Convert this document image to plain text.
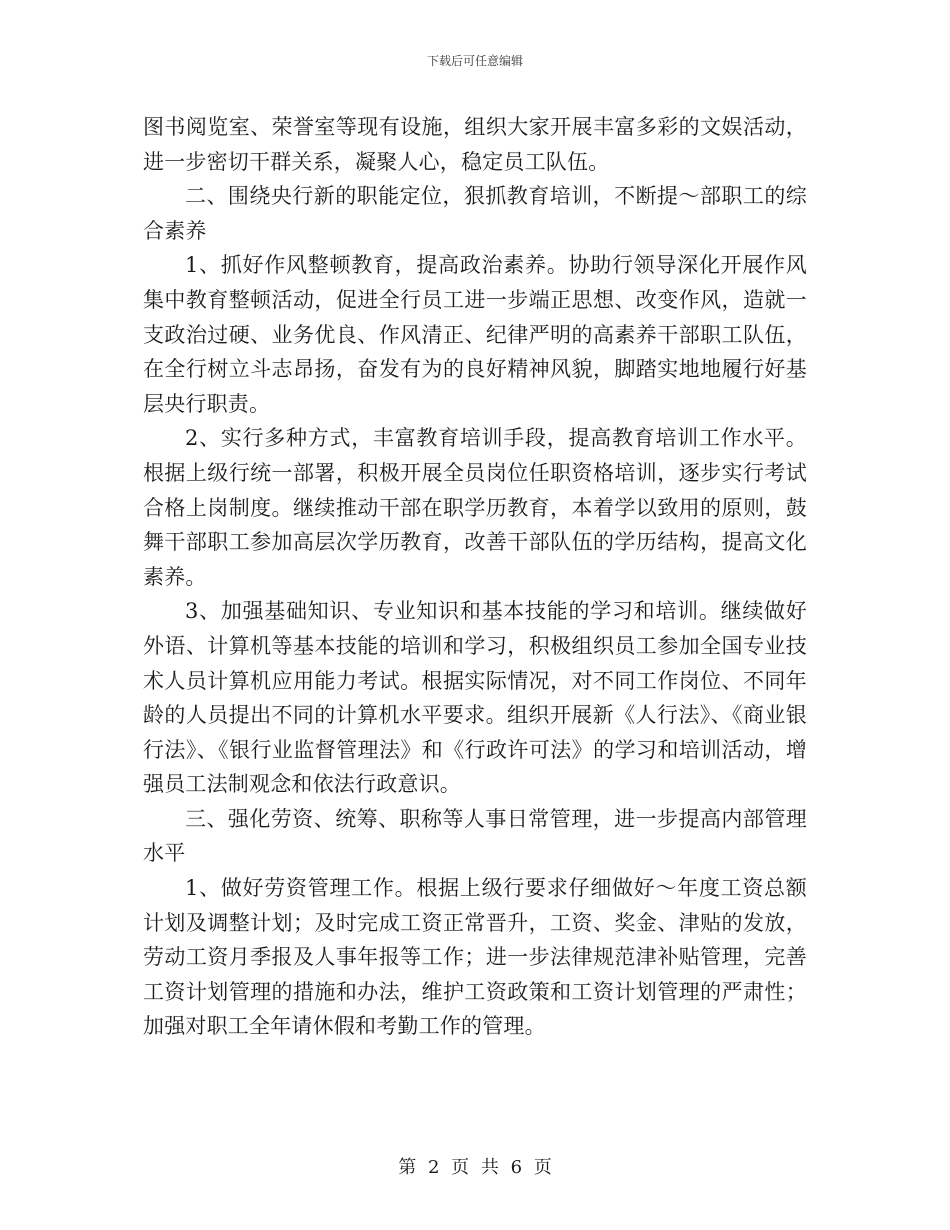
下载后可任意编辑

图书阅览室、荣誉室等现有设施，组织大家开展丰富多彩的文娱活动，进一步密切干群关系，凝聚人心，稳定员工队伍。

二、围绕央行新的职能定位，狠抓教育培训，不断提～部职工的综合素养

1、抓好作风整顿教育，提高政治素养。协助行领导深化开展作风集中教育整顿活动，促进全行员工进一步端正思想、改变作风，造就一支政治过硬、业务优良、作风清正、纪律严明的高素养干部职工队伍，在全行树立斗志昂扬，奋发有为的良好精神风貌，脚踏实地地履行好基层央行职责。

2、实行多种方式，丰富教育培训手段，提高教育培训工作水平。根据上级行统一部署，积极开展全员岗位任职资格培训，逐步实行考试合格上岗制度。继续推动干部在职学历教育，本着学以致用的原则，鼓舞干部职工参加高层次学历教育，改善干部队伍的学历结构，提高文化素养。

3、加强基础知识、专业知识和基本技能的学习和培训。继续做好外语、计算机等基本技能的培训和学习，积极组织员工参加全国专业技术人员计算机应用能力考试。根据实际情况，对不同工作岗位、不同年龄的人员提出不同的计算机水平要求。组织开展新《人行法》、《商业银行法》、《银行业监督管理法》和《行政许可法》的学习和培训活动，增强员工法制观念和依法行政意识。

三、强化劳资、统筹、职称等人事日常管理，进一步提高内部管理水平

1、做好劳资管理工作。根据上级行要求仔细做好～年度工资总额计划及调整计划；及时完成工资正常晋升，工资、奖金、津贴的发放，劳动工资月季报及人事年报等工作；进一步法律规范津补贴管理，完善工资计划管理的措施和办法，维护工资政策和工资计划管理的严肃性；加强对职工全年请休假和考勤工作的管理。

第 2 页 共 6 页
